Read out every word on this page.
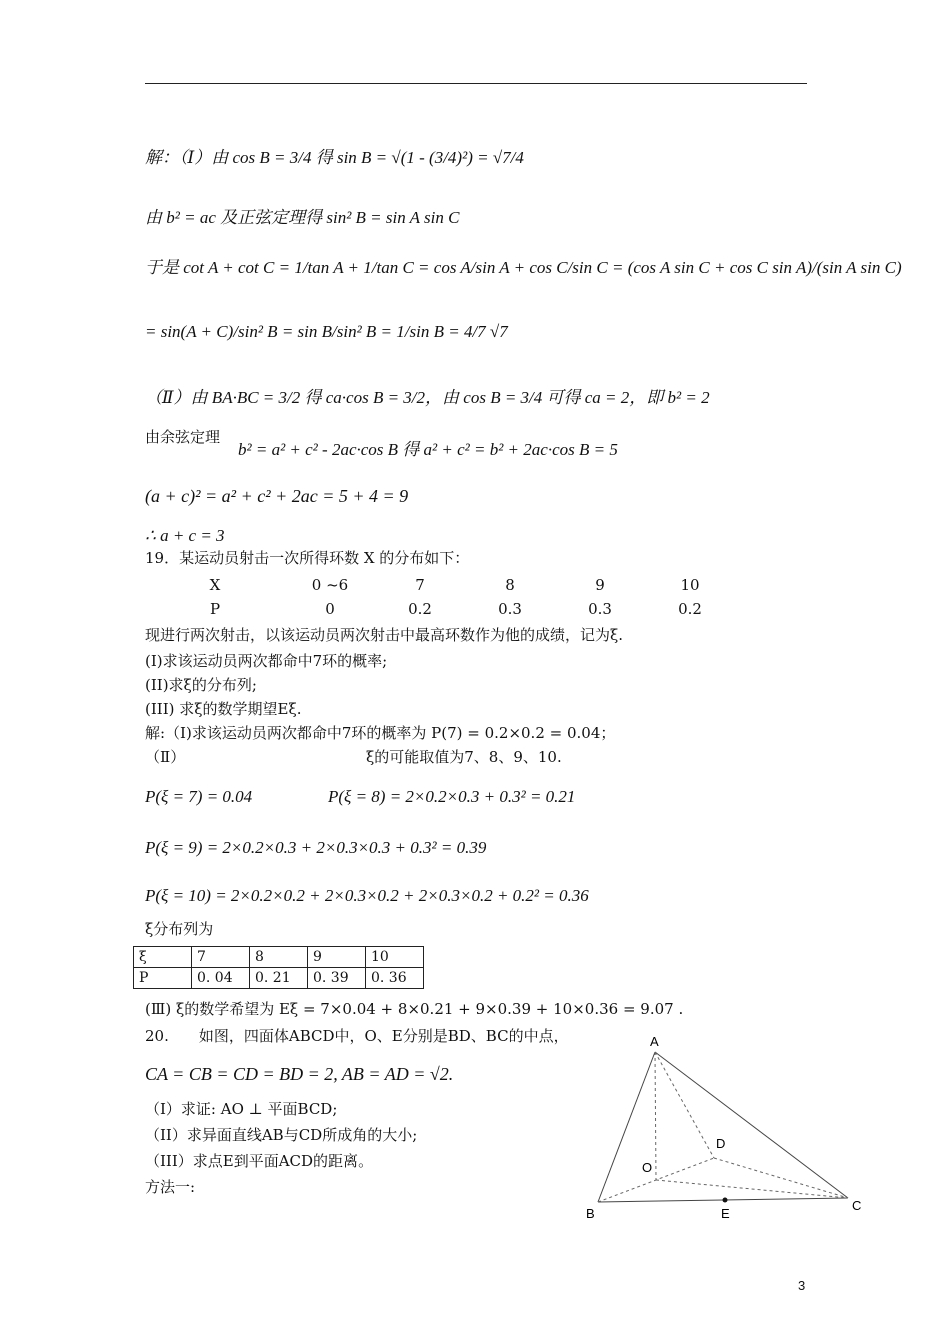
解：（Ⅰ）由 cos B = 3/4 得 sin B = √(1 - (3/4)²) = √7/4
由 b² = ac 及正弦定理得 sin² B = sin A sin C
于是 cot A + cot C = 1/tan A + 1/tan C = cos A/sin A + cos C/sin C = (cos A sin C + cos C sin A)/(sin A sin C)
= sin(A + C)/sin² B = sin B/sin² B = 1/sin B = 4/7 √7
（Ⅱ）由 BA·BC = 3/2 得 ca·cos B = 3/2，由 cos B = 3/4 可得 ca = 2，即 b² = 2
由余弦定理
b² = a² + c² - 2ac·cos B 得 a² + c² = b² + 2ac·cos B = 5
(a + c)² = a² + c² + 2ac = 5 + 4 = 9
∴ a + c = 3
19．某运动员射击一次所得环数 X 的分布如下：
X	0 ~6	7	8	9	10
P	0	0.2	0.3	0.3	0.2
现进行两次射击，以该运动员两次射击中最高环数作为他的成绩，记为ξ.
(I)求该运动员两次都命中7环的概率;
(II)求ξ的分布列;
(III) 求ξ的数学期望Eξ.
解:（Ⅰ)求该运动员两次都命中7环的概率为 P(7) = 0.2×0.2 = 0.04；
（Ⅱ）	ξ的可能取值为7、8、9、10.
P(ξ = 7) = 0.04	P(ξ = 8) = 2×0.2×0.3 + 0.3² = 0.21
P(ξ = 9) = 2×0.2×0.3 + 2×0.3×0.3 + 0.3² = 0.39
P(ξ = 10) = 2×0.2×0.2 + 2×0.3×0.2 + 2×0.3×0.2 + 0.2² = 0.36
ξ分布列为
ξ	7	8	9	10
P	0. 04	0. 21	0. 39	0. 36
(Ⅲ) ξ的数学希望为 Eξ = 7×0.04 + 8×0.21 + 9×0.39 + 10×0.36 = 9.07 .
20.　　如图，四面体ABCD中，O、E分别是BD、BC的中点，
CA = CB = CD = BD = 2, AB = AD = √2.
（I）求证: AO ⊥ 平面BCD;
（II）求异面直线AB与CD所成角的大小;
（III）求点E到平面ACD的距离。
方法一:
A
B
C
D
O
E
3
